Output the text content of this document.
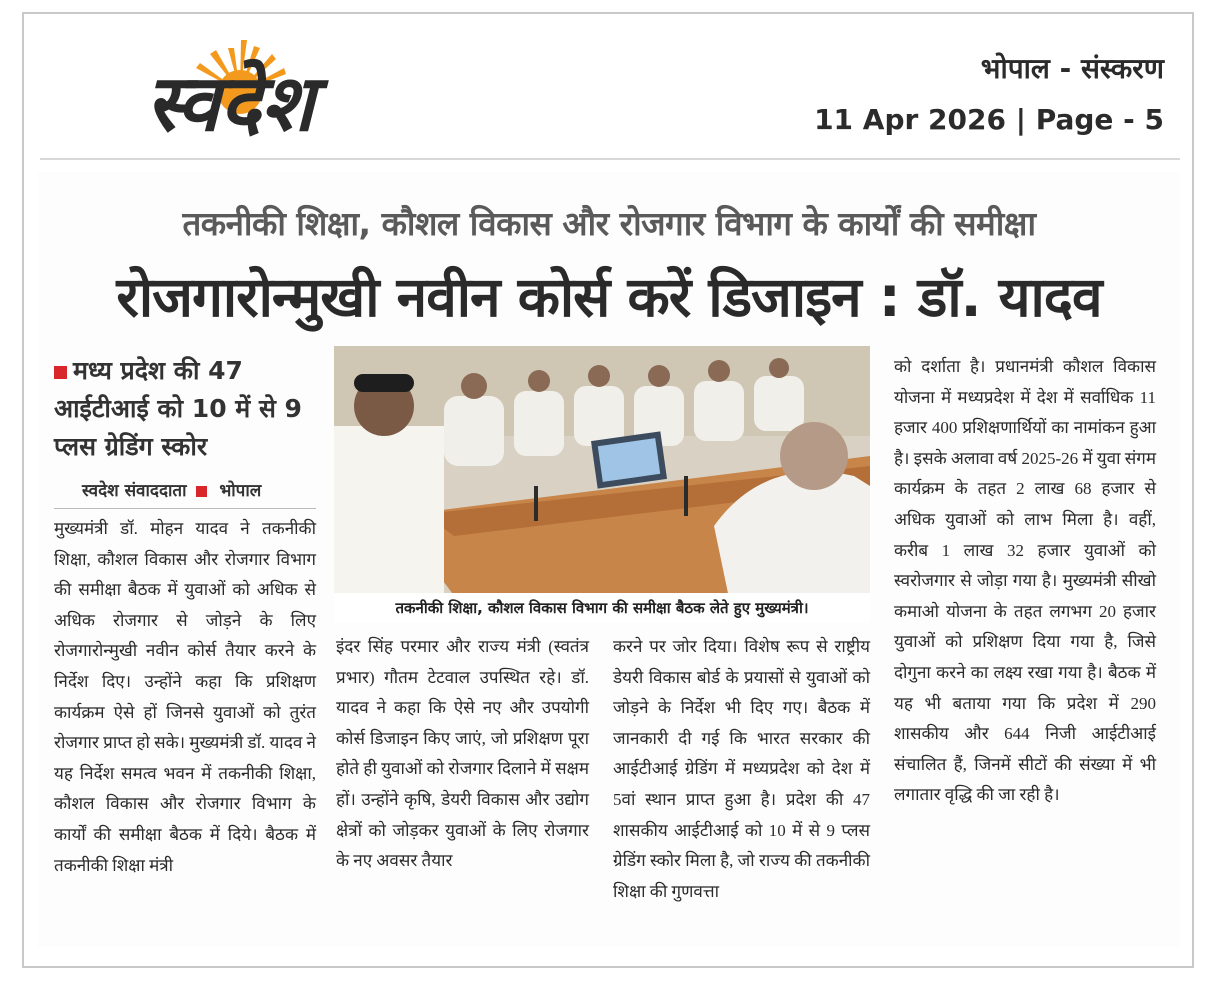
स्वदेश	भोपाल - संस्करण
11 Apr 2026 | Page - 5
तकनीकी शिक्षा, कौशल विकास और रोजगार विभाग के कार्यों की समीक्षा
रोजगारोन्मुखी नवीन कोर्स करें डिजाइन : डॉ. यादव
मध्य प्रदेश की 47 आईटीआई को 10 में से 9 प्लस ग्रेडिंग स्कोर
स्वदेश संवाददाता भोपाल
मुख्यमंत्री डॉ. मोहन यादव ने तकनीकी शिक्षा, कौशल विकास और रोजगार विभाग की समीक्षा बैठक में युवाओं को अधिक से अधिक रोजगार से जोड़ने के लिए रोजगारोन्मुखी नवीन कोर्स तैयार करने के निर्देश दिए। उन्होंने कहा कि प्रशिक्षण कार्यक्रम ऐसे हों जिनसे युवाओं को तुरंत रोजगार प्राप्त हो सके। मुख्यमंत्री डॉ. यादव ने यह निर्देश समत्व भवन में तकनीकी शिक्षा, कौशल विकास और रोजगार विभाग के कार्यों की समीक्षा बैठक में दिये। बैठक में तकनीकी शिक्षा मंत्री
तकनीकी शिक्षा, कौशल विकास विभाग की समीक्षा बैठक लेते हुए मुख्यमंत्री।
इंदर सिंह परमार और राज्य मंत्री (स्वतंत्र प्रभार) गौतम टेटवाल उपस्थित रहे। डॉ. यादव ने कहा कि ऐसे नए और उपयोगी कोर्स डिजाइन किए जाएं, जो प्रशिक्षण पूरा होते ही युवाओं को रोजगार दिलाने में सक्षम हों। उन्होंने कृषि, डेयरी विकास और उद्योग क्षेत्रों को जोड़कर युवाओं के लिए रोजगार के नए अवसर तैयार
करने पर जोर दिया। विशेष रूप से राष्ट्रीय डेयरी विकास बोर्ड के प्रयासों से युवाओं को जोड़ने के निर्देश भी दिए गए। बैठक में जानकारी दी गई कि भारत सरकार की आईटीआई ग्रेडिंग में मध्यप्रदेश को देश में 5वां स्थान प्राप्त हुआ है। प्रदेश की 47 शासकीय आईटीआई को 10 में से 9 प्लस ग्रेडिंग स्कोर मिला है, जो राज्य की तकनीकी शिक्षा की गुणवत्ता
को दर्शाता है। प्रधानमंत्री कौशल विकास योजना में मध्यप्रदेश में देश में सर्वाधिक 11 हजार 400 प्रशिक्षणार्थियों का नामांकन हुआ है। इसके अलावा वर्ष 2025-26 में युवा संगम कार्यक्रम के तहत 2 लाख 68 हजार से अधिक युवाओं को लाभ मिला है। वहीं, करीब 1 लाख 32 हजार युवाओं को स्वरोजगार से जोड़ा गया है। मुख्यमंत्री सीखो कमाओ योजना के तहत लगभग 20 हजार युवाओं को प्रशिक्षण दिया गया है, जिसे दोगुना करने का लक्ष्य रखा गया है। बैठक में यह भी बताया गया कि प्रदेश में 290 शासकीय और 644 निजी आईटीआई संचालित हैं, जिनमें सीटों की संख्या में भी लगातार वृद्धि की जा रही है।
